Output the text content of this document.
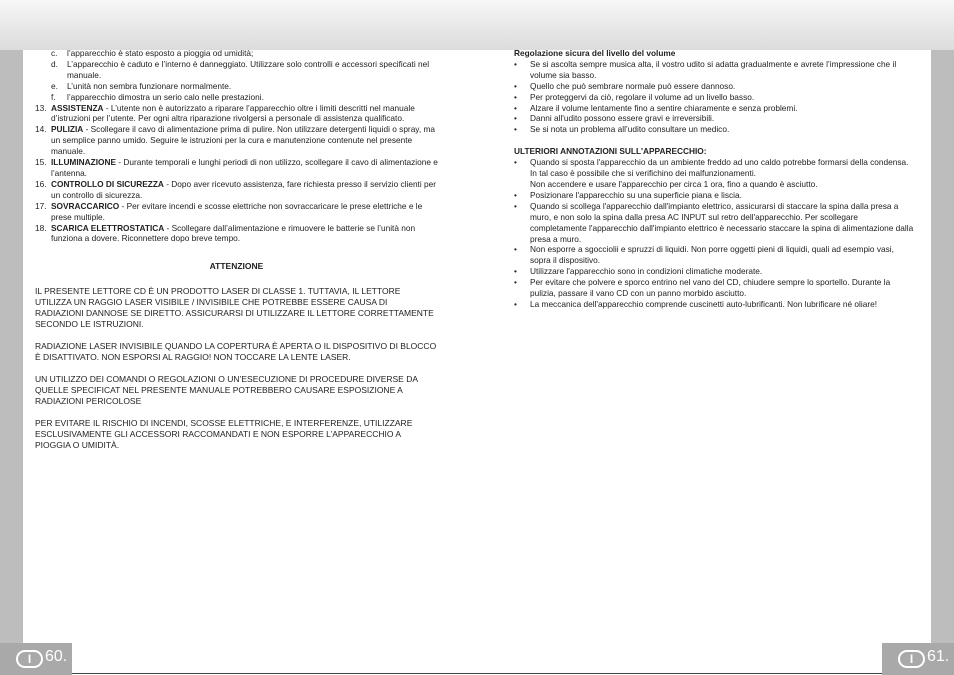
c. l’apparecchio è stato esposto a pioggia od umidità;
d. L’apparecchio è caduto e l’interno è danneggiato. Utilizzare solo controlli e accessori specificati nel manuale.
e. L’unità non sembra funzionare normalmente.
f. l’apparecchio dimostra un serio calo nelle prestazioni.
13. ASSISTENZA - L’utente non è autorizzato a riparare l’apparecchio oltre i limiti descritti nel manuale d’istruzioni per l’utente. Per ogni altra riparazione rivolgersi a personale di assistenza qualificato.
14. PULIZIA - Scollegare il cavo di alimentazione prima di pulire. Non utilizzare detergenti liquidi o spray, ma un semplice panno umido. Seguire le istruzioni per la cura e manutenzione contenute nel presente manuale.
15. ILLUMINAZIONE - Durante temporali e lunghi periodi di non utilizzo, scollegare il cavo di alimentazione e l’antenna.
16. CONTROLLO DI SICUREZZA - Dopo aver ricevuto assistenza, fare richiesta presso il servizio clienti per un controllo di sicurezza.
17. SOVRACCARICO - Per evitare incendi e scosse elettriche non sovraccaricare le prese elettriche e le prese multiple.
18. SCARICA ELETTROSTATICA - Scollegare dall’alimentazione e rimuovere le batterie se l’unità non funziona a dovere. Riconnettere dopo breve tempo.
ATTENZIONE
IL PRESENTE LETTORE CD È UN PRODOTTO LASER DI CLASSE 1. TUTTAVIA, IL LETTORE UTILIZZA UN RAGGIO LASER VISIBILE / INVISIBILE CHE POTREBBE ESSERE CAUSA DI RADIAZIONI DANNOSE SE DIRETTO. ASSICURARSI DI UTILIZZARE IL LETTORE CORRETTAMENTE SECONDO LE ISTRUZIONI.
RADIAZIONE LASER INVISIBILE QUANDO LA COPERTURA È APERTA O IL DISPOSITIVO DI BLOCCO È DISATTIVATO. NON ESPORSI AL RAGGIO! NON TOCCARE LA LENTE LASER.
UN UTILIZZO DEI COMANDI O REGOLAZIONI O UN’ESECUZIONE DI PROCEDURE DIVERSE DA QUELLE SPECIFICAT NEL PRESENTE MANUALE POTREBBERO CAUSARE ESPOSIZIONE A RADIAZIONI PERICOLOSE
PER EVITARE IL RISCHIO DI INCENDI, SCOSSE ELETTRICHE, E INTERFERENZE, UTILIZZARE ESCLUSIVAMENTE GLI ACCESSORI RACCOMANDATI E NON ESPORRE L’APPARECCHIO A PIOGGIA O UMIDITÀ.
Regolazione sicura del livello del volume
• Se si ascolta sempre musica alta, il vostro udito si adatta gradualmente e avrete l’impressione che il volume sia basso.
• Quello che può sembrare normale può essere dannoso.
• Per proteggervi da ciò, regolare il volume ad un livello basso.
• Alzare il volume lentamente fino a sentire chiaramente e senza problemi.
• Danni all'udito possono essere gravi e irreversibili.
• Se si nota un problema all’udito consultare un medico.
ULTERIORI ANNOTAZIONI SULL'APPARECCHIO:
• Quando si sposta l'apparecchio da un ambiente freddo ad uno caldo potrebbe formarsi della condensa. In tal caso è possibile che si verifichino dei malfunzionamenti.
Non accendere e usare l'apparecchio per circa 1 ora, fino a quando è asciutto.
• Posizionare l'apparecchio su una superficie piana e liscia.
• Quando si scollega l'apparecchio dall'impianto elettrico, assicurarsi di staccare la spina dalla presa a muro, e non solo la spina dalla presa AC INPUT sul retro dell'apparecchio. Per scollegare completamente l'apparecchio dall'impianto elettrico è necessario staccare la spina di alimentazione dalla presa a muro.
• Non esporre a sgocciolii e spruzzi di liquidi. Non porre oggetti pieni di liquidi, quali ad esempio vasi, sopra il dispositivo.
• Utilizzare l'apparecchio sono in condizioni climatiche moderate.
• Per evitare che polvere e sporco entrino nel vano del CD, chiudere sempre lo sportello. Durante la pulizia, passare il vano CD con un panno morbido asciutto.
• La meccanica dell'apparecchio comprende cuscinetti auto-lubrificanti. Non lubrificare né oliare!
I 60.	I 61.
